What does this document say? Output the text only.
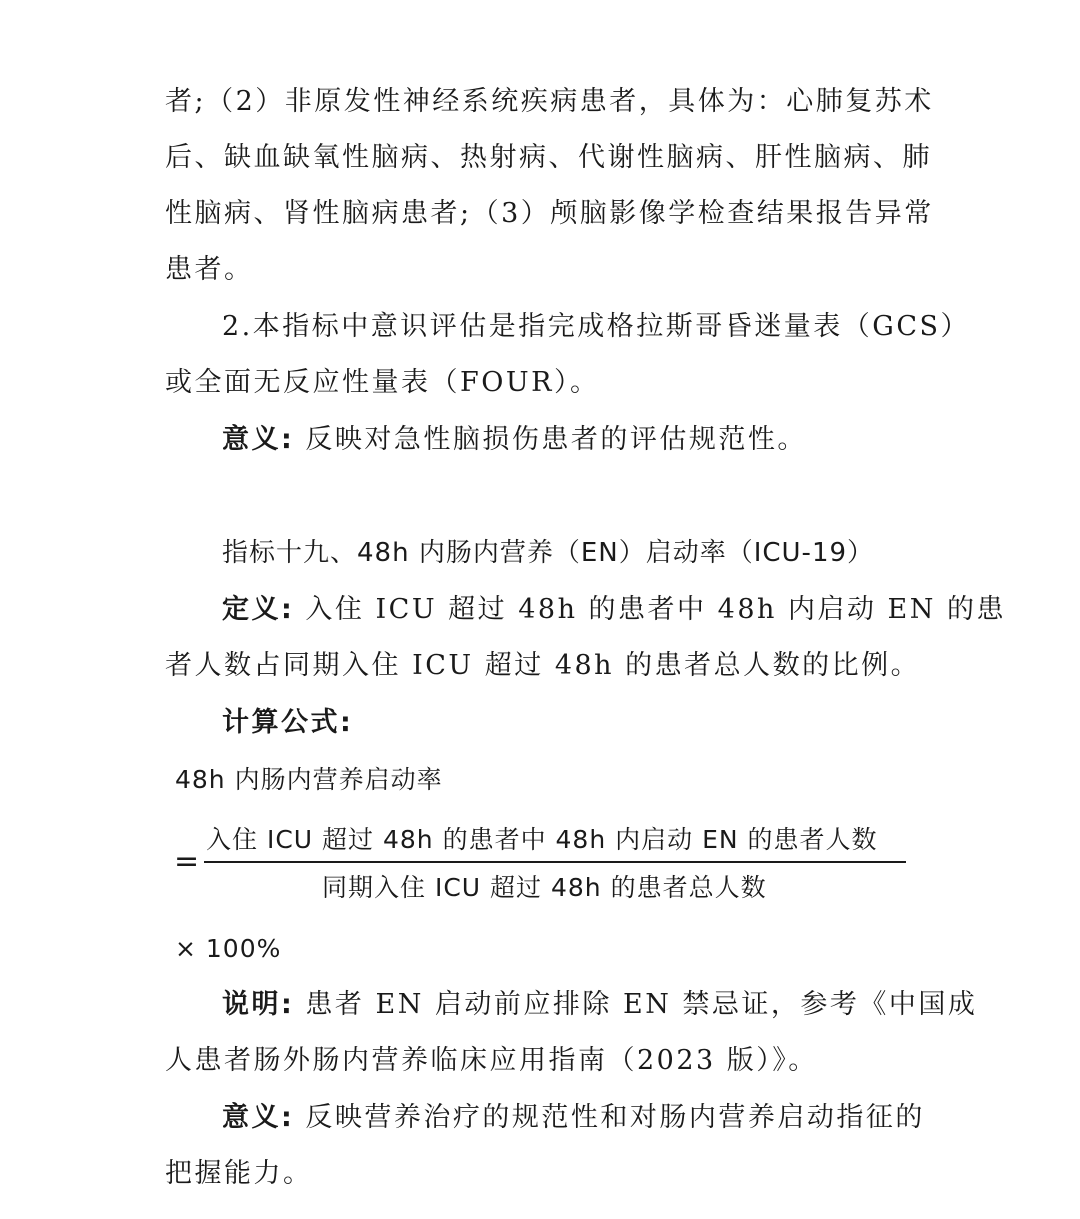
者;（2）非原发性神经系统疾病患者，具体为：心肺复苏术
后、缺血缺氧性脑病、热射病、代谢性脑病、肝性脑病、肺
性脑病、肾性脑病患者;（3）颅脑影像学检查结果报告异常
患者。
2.本指标中意识评估是指完成格拉斯哥昏迷量表（GCS）
或全面无反应性量表（FOUR）。
意义: 反映对急性脑损伤患者的评估规范性。
指标十九、48h 内肠内营养（EN）启动率（ICU-19）
定义: 入住 ICU 超过 48h 的患者中 48h 内启动 EN 的患
者人数占同期入住 ICU 超过 48h 的患者总人数的比例。
计算公式:
48h 内肠内营养启动率
=
入住 ICU 超过 48h 的患者中 48h 内启动 EN 的患者人数
同期入住 ICU 超过 48h 的患者总人数
× 100%
说明: 患者 EN 启动前应排除 EN 禁忌证，参考《中国成
人患者肠外肠内营养临床应用指南（2023 版）》。
意义: 反映营养治疗的规范性和对肠内营养启动指征的
把握能力。
